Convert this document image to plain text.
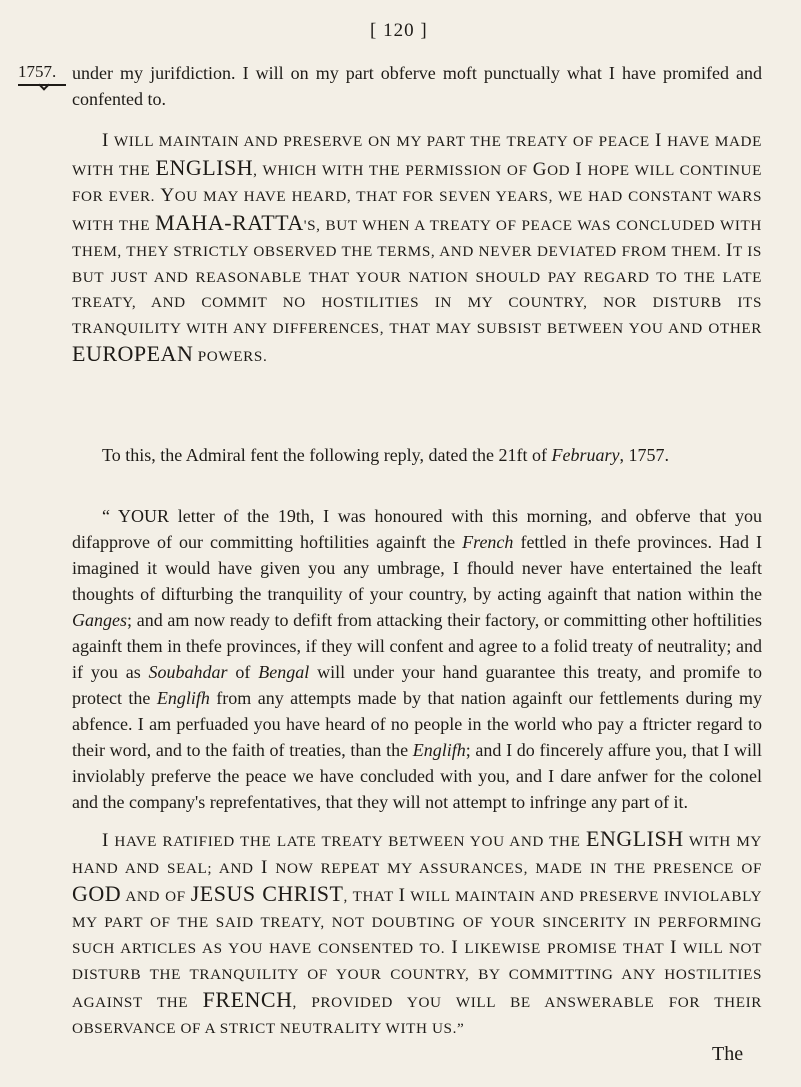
[ 120 ]
1757. under my jurifdiction. I will on my part obferve moft punctually what I have promifed and confented to.

I WILL MAINTAIN AND PRESERVE ON MY PART THE TREATY OF PEACE I HAVE MADE WITH THE ENGLISH, WHICH WITH THE PERMISSION OF GOD I HOPE WILL CONTINUE FOR EVER. YOU MAY HAVE HEARD, THAT FOR SEVEN YEARS, WE HAD CONSTANT WARS WITH THE MAHA-RATTA'S, BUT WHEN A TREATY OF PEACE WAS CONCLUDED WITH THEM, THEY STRICTLY OBSERVED THE TERMS, AND NEVER DEVIATED FROM THEM. IT IS BUT JUST AND REASONABLE THAT YOUR NATION SHOULD PAY REGARD TO THE LATE TREATY, AND COMMIT NO HOSTILITIES IN MY COUNTRY, NOR DISTURB ITS TRANQUILITY WITH ANY DIFFERENCES, THAT MAY SUBSIST BETWEEN YOU AND OTHER EUROPEAN POWERS.

To this, the Admiral fent the following reply, dated the 21ft of February, 1757.

“ YOUR letter of the 19th, I was honoured with this morning, and obferve that you difapprove of our committing hoftilities againft the French fettled in thefe provinces. Had I imagined it would have given you any umbrage, I fhould never have entertained the leaft thoughts of difturbing the tranquility of your country, by acting againft that nation within the Ganges; and am now ready to defift from attacking their factory, or committing other hoftilities againft them in thefe provinces, if they will confent and agree to a folid treaty of neutrality; and if you as Soubahdar of Bengal will under your hand guarantee this treaty, and promife to protect the Englifh from any attempts made by that nation againft our fettlements during my abfence. I am perfuaded you have heard of no people in the world who pay a ftricter regard to their word, and to the faith of treaties, than the Englifh; and I do fincerely affure you, that I will inviolably preferve the peace we have concluded with you, and I dare anfwer for the colonel and the company's reprefentatives, that they will not attempt to infringe any part of it.

I HAVE RATIFIED THE LATE TREATY BETWEEN YOU AND THE ENGLISH WITH MY HAND AND SEAL; AND I NOW REPEAT MY ASSURANCES, MADE IN THE PRESENCE OF GOD AND OF JESUS CHRIST, THAT I WILL MAINTAIN AND PRESERVE INVIOLABLY MY PART OF THE SAID TREATY, NOT DOUBTING OF YOUR SINCERITY IN PERFORMING SUCH ARTICLES AS YOU HAVE CONSENTED TO. I LIKEWISE PROMISE THAT I WILL NOT DISTURB THE TRANQUILITY OF YOUR COUNTRY, BY COMMITTING ANY HOSTILITIES AGAINST THE FRENCH, PROVIDED YOU WILL BE ANSWERABLE FOR THEIR OBSERVANCE OF A STRICT NEUTRALITY WITH US.”

The
